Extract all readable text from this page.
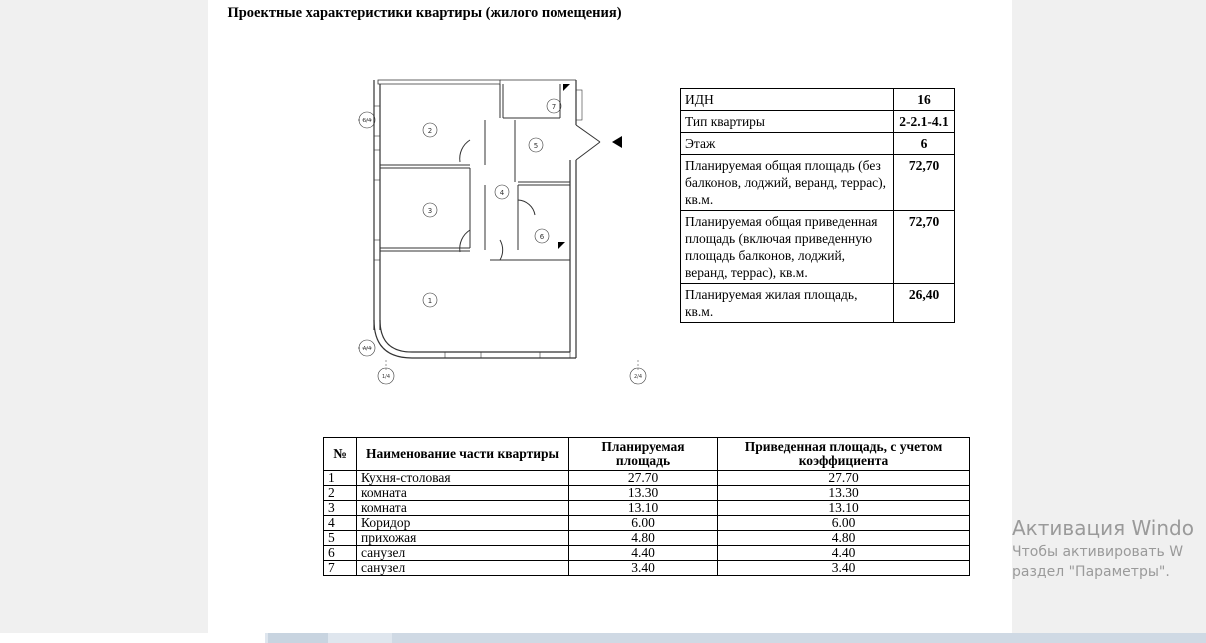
Проектные характеристики квартиры (жилого помещения)
1
2
3
4
5
6
7
Б/4
А/4
1/4	2/4
ИДН	16
Тип квартиры	2-2.1-4.1
Этаж	6
Планируемая общая площадь (без балконов, лоджий, веранд, террас), кв.м.	72,70
Планируемая общая приведенная площадь (включая приведенную площадь балконов, лоджий, веранд, террас), кв.м.	72,70
Планируемая жилая площадь, кв.м.	26,40
№	Наименование части квартиры	Планируемая площадь	Приведенная площадь, с учетом коэффициента
1	Кухня-столовая	27.70	27.70
2	комната	13.30	13.30
3	комната	13.10	13.10
4	Коридор	6.00	6.00
5	прихожая	4.80	4.80
6	санузел	4.40	4.40
7	санузел	3.40	3.40
Активация Windo
Чтобы активировать W
раздел "Параметры".
